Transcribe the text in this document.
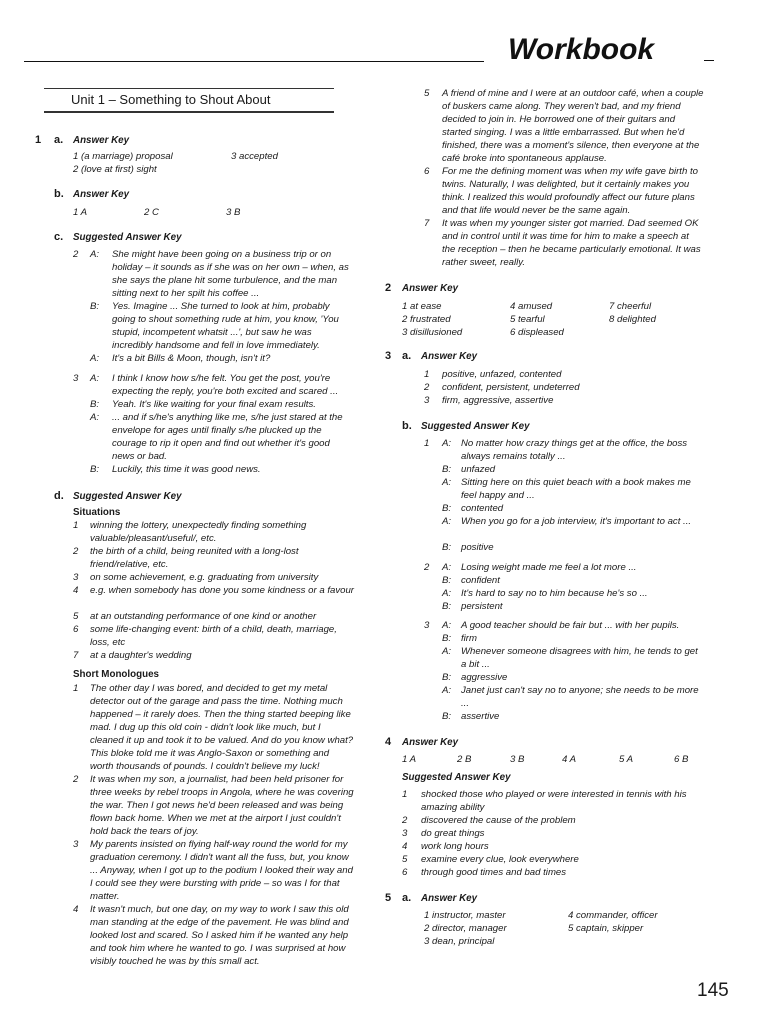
Workbook
Unit 1 – Something to Shout About
1 a. Answer Key
1 (a marriage) proposal
2 (love at first) sight
3 accepted
b. Answer Key
1 A	2 C	3 B
c. Suggested Answer Key
2 A: She might have been going on a business trip or on holiday – it sounds as if she was on her own – when, as she says the plane hit some turbulence, and the man sitting next to her spilt his coffee ...
B: Yes. Imagine ... She turned to look at him, probably going to shout something rude at him, you know, 'You stupid, incompetent whatsit ...', but saw he was incredibly handsome and fell in love immediately.
A: It's a bit Bills & Moon, though, isn't it?
3 A: I think I know how s/he felt. You get the post, you're expecting the reply, you're both excited and scared ...
B: Yeah. It's like waiting for your final exam results.
A: ... and if s/he's anything like me, s/he just stared at the envelope for ages until finally s/he plucked up the courage to rip it open and find out whether it's good news or bad.
B: Luckily, this time it was good news.
d. Suggested Answer Key
Situations
1 winning the lottery, unexpectedly finding something valuable/pleasant/useful/, etc.
2 the birth of a child, being reunited with a long-lost friend/relative, etc.
3 on some achievement, e.g. graduating from university
4 e.g. when somebody has done you some kindness or a favour
5 at an outstanding performance of one kind or another
6 some life-changing event: birth of a child, death, marriage, loss, etc
7 at a daughter's wedding
Short Monologues
1 The other day I was bored, and decided to get my metal detector out of the garage and pass the time. Nothing much happened – it rarely does. Then the thing started beeping like mad. I dug up this old coin - didn't look like much, but I cleaned it up and took it to be valued. And do you know what? This bloke told me it was Anglo-Saxon or something and worth thousands of pounds. I couldn't believe my luck!
2 It was when my son, a journalist, had been held prisoner for three weeks by rebel troops in Angola, where he was covering the war. Then I got news he'd been released and was being flown back home. When we met at the airport I just couldn't hold back the tears of joy.
3 My parents insisted on flying half-way round the world for my graduation ceremony. I didn't want all the fuss, but, you know ... Anyway, when I got up to the podium I looked their way and I could see they were bursting with pride – so was I for that matter.
4 It wasn't much, but one day, on my way to work I saw this old man standing at the edge of the pavement. He was blind and looked lost and scared. So I asked him if he wanted any help and took him where he wanted to go. I was surprised at how visibly touched he was by this small act.
5 A friend of mine and I were at an outdoor café, when a couple of buskers came along. They weren't bad, and my friend decided to join in. He borrowed one of their guitars and started singing. I was a little embarrassed. But when he'd finished, there was a moment's silence, then everyone at the café broke into spontaneous applause.
6 For me the defining moment was when my wife gave birth to twins. Naturally, I was delighted, but it certainly makes you think. I realized this would profoundly affect our future plans and that life would never be the same again.
7 It was when my younger sister got married. Dad seemed OK and in control until it was time for him to make a speech at the reception – then he became particularly emotional. It was rather sweet, really.
2 Answer Key
1 at ease
2 frustrated
3 disillusioned
4 amused
5 tearful
6 displeased
7 cheerful
8 delighted
3 a. Answer Key
1 positive, unfazed, contented
2 confident, persistent, undeterred
3 firm, aggressive, assertive
b. Suggested Answer Key
1 A: No matter how crazy things get at the office, the boss always remains totally ...
B: unfazed
A: Sitting here on this quiet beach with a book makes me feel happy and ...
B: contented
A: When you go for a job interview, it's important to act ...
B: positive
2 A: Losing weight made me feel a lot more ...
B: confident
A: It's hard to say no to him because he's so ...
B: persistent
3 A: A good teacher should be fair but ... with her pupils.
B: firm
A: Whenever someone disagrees with him, he tends to get a bit ...
B: aggressive
A: Janet just can't say no to anyone; she needs to be more ...
B: assertive
4 Answer Key
1 A	2 B	3 B	4 A	5 A	6 B
Suggested Answer Key
1 shocked those who played or were interested in tennis with his amazing ability
2 discovered the cause of the problem
3 do great things
4 work long hours
5 examine every clue, look everywhere
6 through good times and bad times
5 a. Answer Key
1 instructor, master
2 director, manager
3 dean, principal
4 commander, officer
5 captain, skipper
145
